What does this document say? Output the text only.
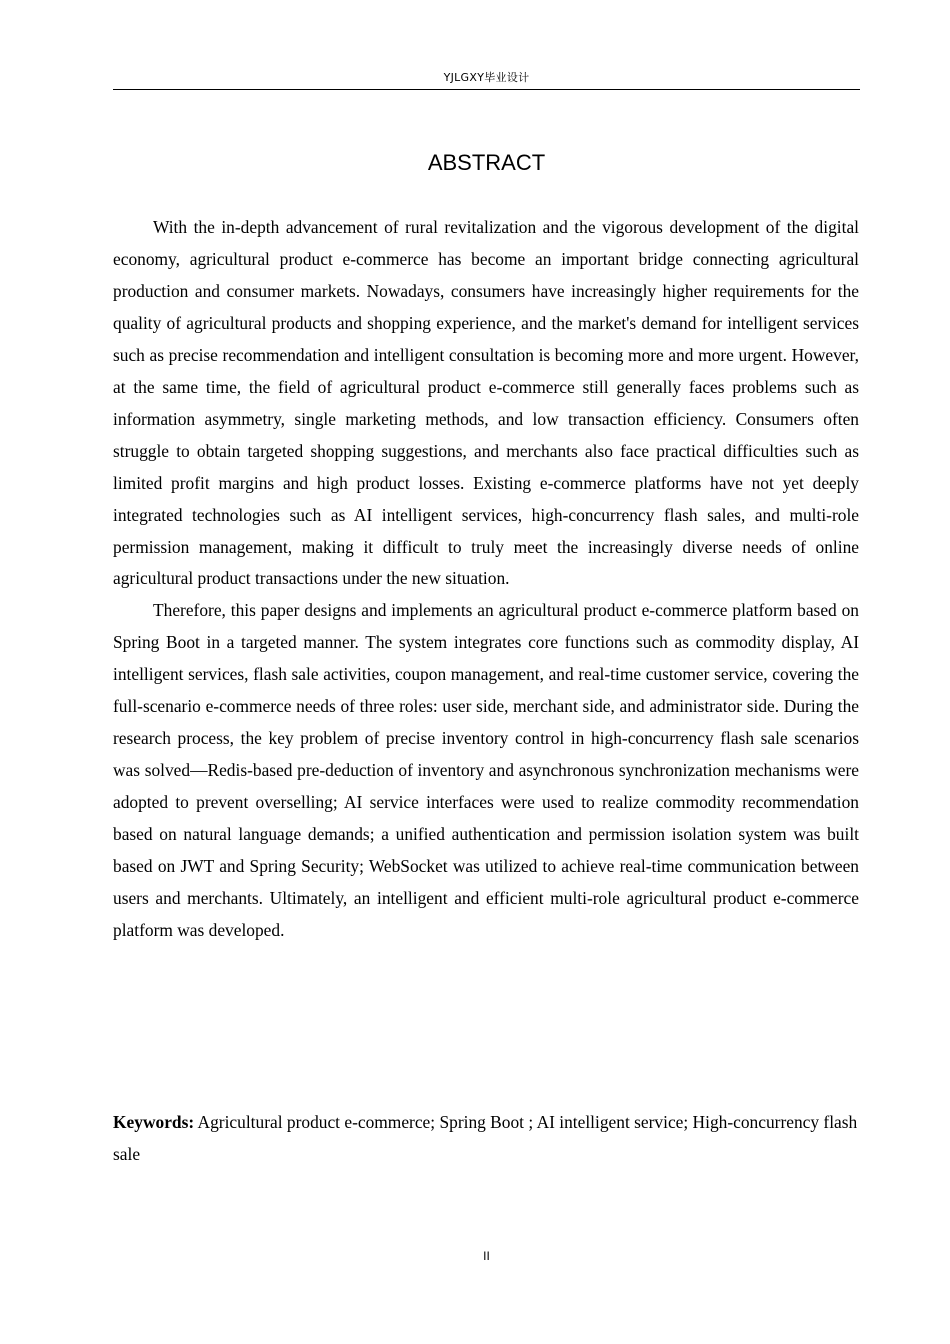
YJLGXY毕业设计
ABSTRACT

With the in-depth advancement of rural revitalization and the vigorous development of the digital economy, agricultural product e-commerce has become an important bridge connecting agricultural production and consumer markets. Nowadays, consumers have increasingly higher requirements for the quality of agricultural products and shopping experience, and the market's demand for intelligent services such as precise recommendation and intelligent consultation is becoming more and more urgent. However, at the same time, the field of agricultural product e-commerce still generally faces problems such as information asymmetry, single marketing methods, and low transaction efficiency. Consumers often struggle to obtain targeted shopping suggestions, and merchants also face practical difficulties such as limited profit margins and high product losses. Existing e-commerce platforms have not yet deeply integrated technologies such as AI intelligent services, high-concurrency flash sales, and multi-role permission management, making it difficult to truly meet the increasingly diverse needs of online agricultural product transactions under the new situation.

Therefore, this paper designs and implements an agricultural product e-commerce platform based on Spring Boot in a targeted manner. The system integrates core functions such as commodity display, AI intelligent services, flash sale activities, coupon management, and real-time customer service, covering the full-scenario e-commerce needs of three roles: user side, merchant side, and administrator side. During the research process, the key problem of precise inventory control in high-concurrency flash sale scenarios was solved—Redis-based pre-deduction of inventory and asynchronous synchronization mechanisms were adopted to prevent overselling; AI service interfaces were used to realize commodity recommendation based on natural language demands; a unified authentication and permission isolation system was built based on JWT and Spring Security; WebSocket was utilized to achieve real-time communication between users and merchants. Ultimately, an intelligent and efficient multi-role agricultural product e-commerce platform was developed.

Keywords: Agricultural product e-commerce; Spring Boot ; AI intelligent service; High-concurrency flash sale
II
